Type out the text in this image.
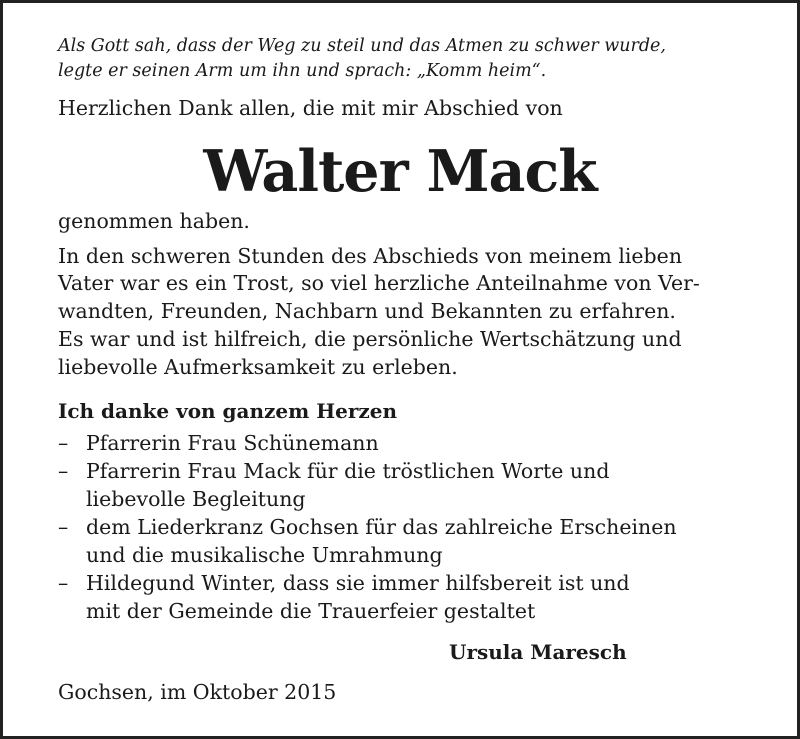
Als Gott sah, dass der Weg zu steil und das Atmen zu schwer wurde,
legte er seinen Arm um ihn und sprach: „Komm heim“.
Herzlichen Dank allen, die mit mir Abschied von
Walter Mack
genommen haben.
In den schweren Stunden des Abschieds von meinem lieben
Vater war es ein Trost, so viel herzliche Anteilnahme von Ver-
wandten, Freunden, Nachbarn und Bekannten zu erfahren.
Es war und ist hilfreich, die persönliche Wertschätzung und
liebevolle Aufmerksamkeit zu erleben.
Ich danke von ganzem Herzen
– Pfarrerin Frau Schünemann
– Pfarrerin Frau Mack für die tröstlichen Worte und
liebevolle Begleitung
– dem Liederkranz Gochsen für das zahlreiche Erscheinen
und die musikalische Umrahmung
– Hildegund Winter, dass sie immer hilfsbereit ist und
mit der Gemeinde die Trauerfeier gestaltet
Ursula Maresch
Gochsen, im Oktober 2015
